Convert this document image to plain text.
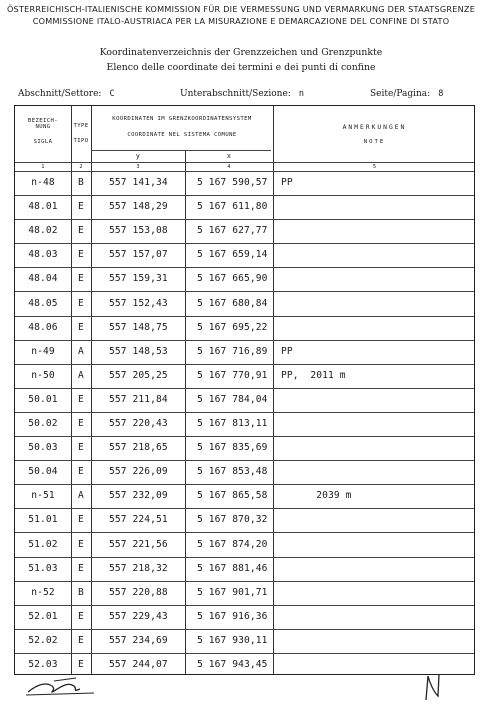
ÖSTERREICHISCH-ITALIENISCHE KOMMISSION FÜR DIE VERMESSUNG UND VERMARKUNG DER STAATSGRENZE
COMMISSIONE ITALO-AUSTRIACA PER LA MISURAZIONE E DEMARCAZIONE DEL CONFINE DI STATO
Koordinatenverzeichnis der Grenzzeichen und Grenzpunkte
Elenco delle coordinate dei termini e dei punti di confine
Abschnitt/Settore: C	Unterabschnitt/Sezione: n	Seite/Pagina: 8
BEZEICH-
NUNG
SIGLA
TYPE
TIPO
KOORDINATEN IM GRENZKOORDINATENSYSTEM
COORDINATE NEL SISTEMA COMUNE
y	x
ANMERKUNGEN
NOTE
1	2	3	4	5
n-48	B	557 141,34	5 167 590,57 PP
48.01	E	557 148,29	5 167 611,80
48.02	E	557 153,08	5 167 627,77
48.03	E	557 157,07	5 167 659,14
48.04	E	557 159,31	5 167 665,90
48.05	E	557 152,43	5 167 680,84
48.06	E	557 148,75	5 167 695,22
n-49	A	557 148,53	5 167 716,89 PP
n-50	A	557 205,25	5 167 770,91 PP,  2011 m
50.01	E	557 211,84	5 167 784,04
50.02	E	557 220,43	5 167 813,11
50.03	E	557 218,65	5 167 835,69
50.04	E	557 226,09	5 167 853,48
n-51	A	557 232,09	5 167 865,58 2039 m
51.01	E	557 224,51	5 167 870,32
51.02	E	557 221,56	5 167 874,20
51.03	E	557 218,32	5 167 881,46
n-52	B	557 220,88	5 167 901,71
52.01	E	557 229,43	5 167 916,36
52.02	E	557 234,69	5 167 930,11
52.03	E	557 244,07	5 167 943,45
